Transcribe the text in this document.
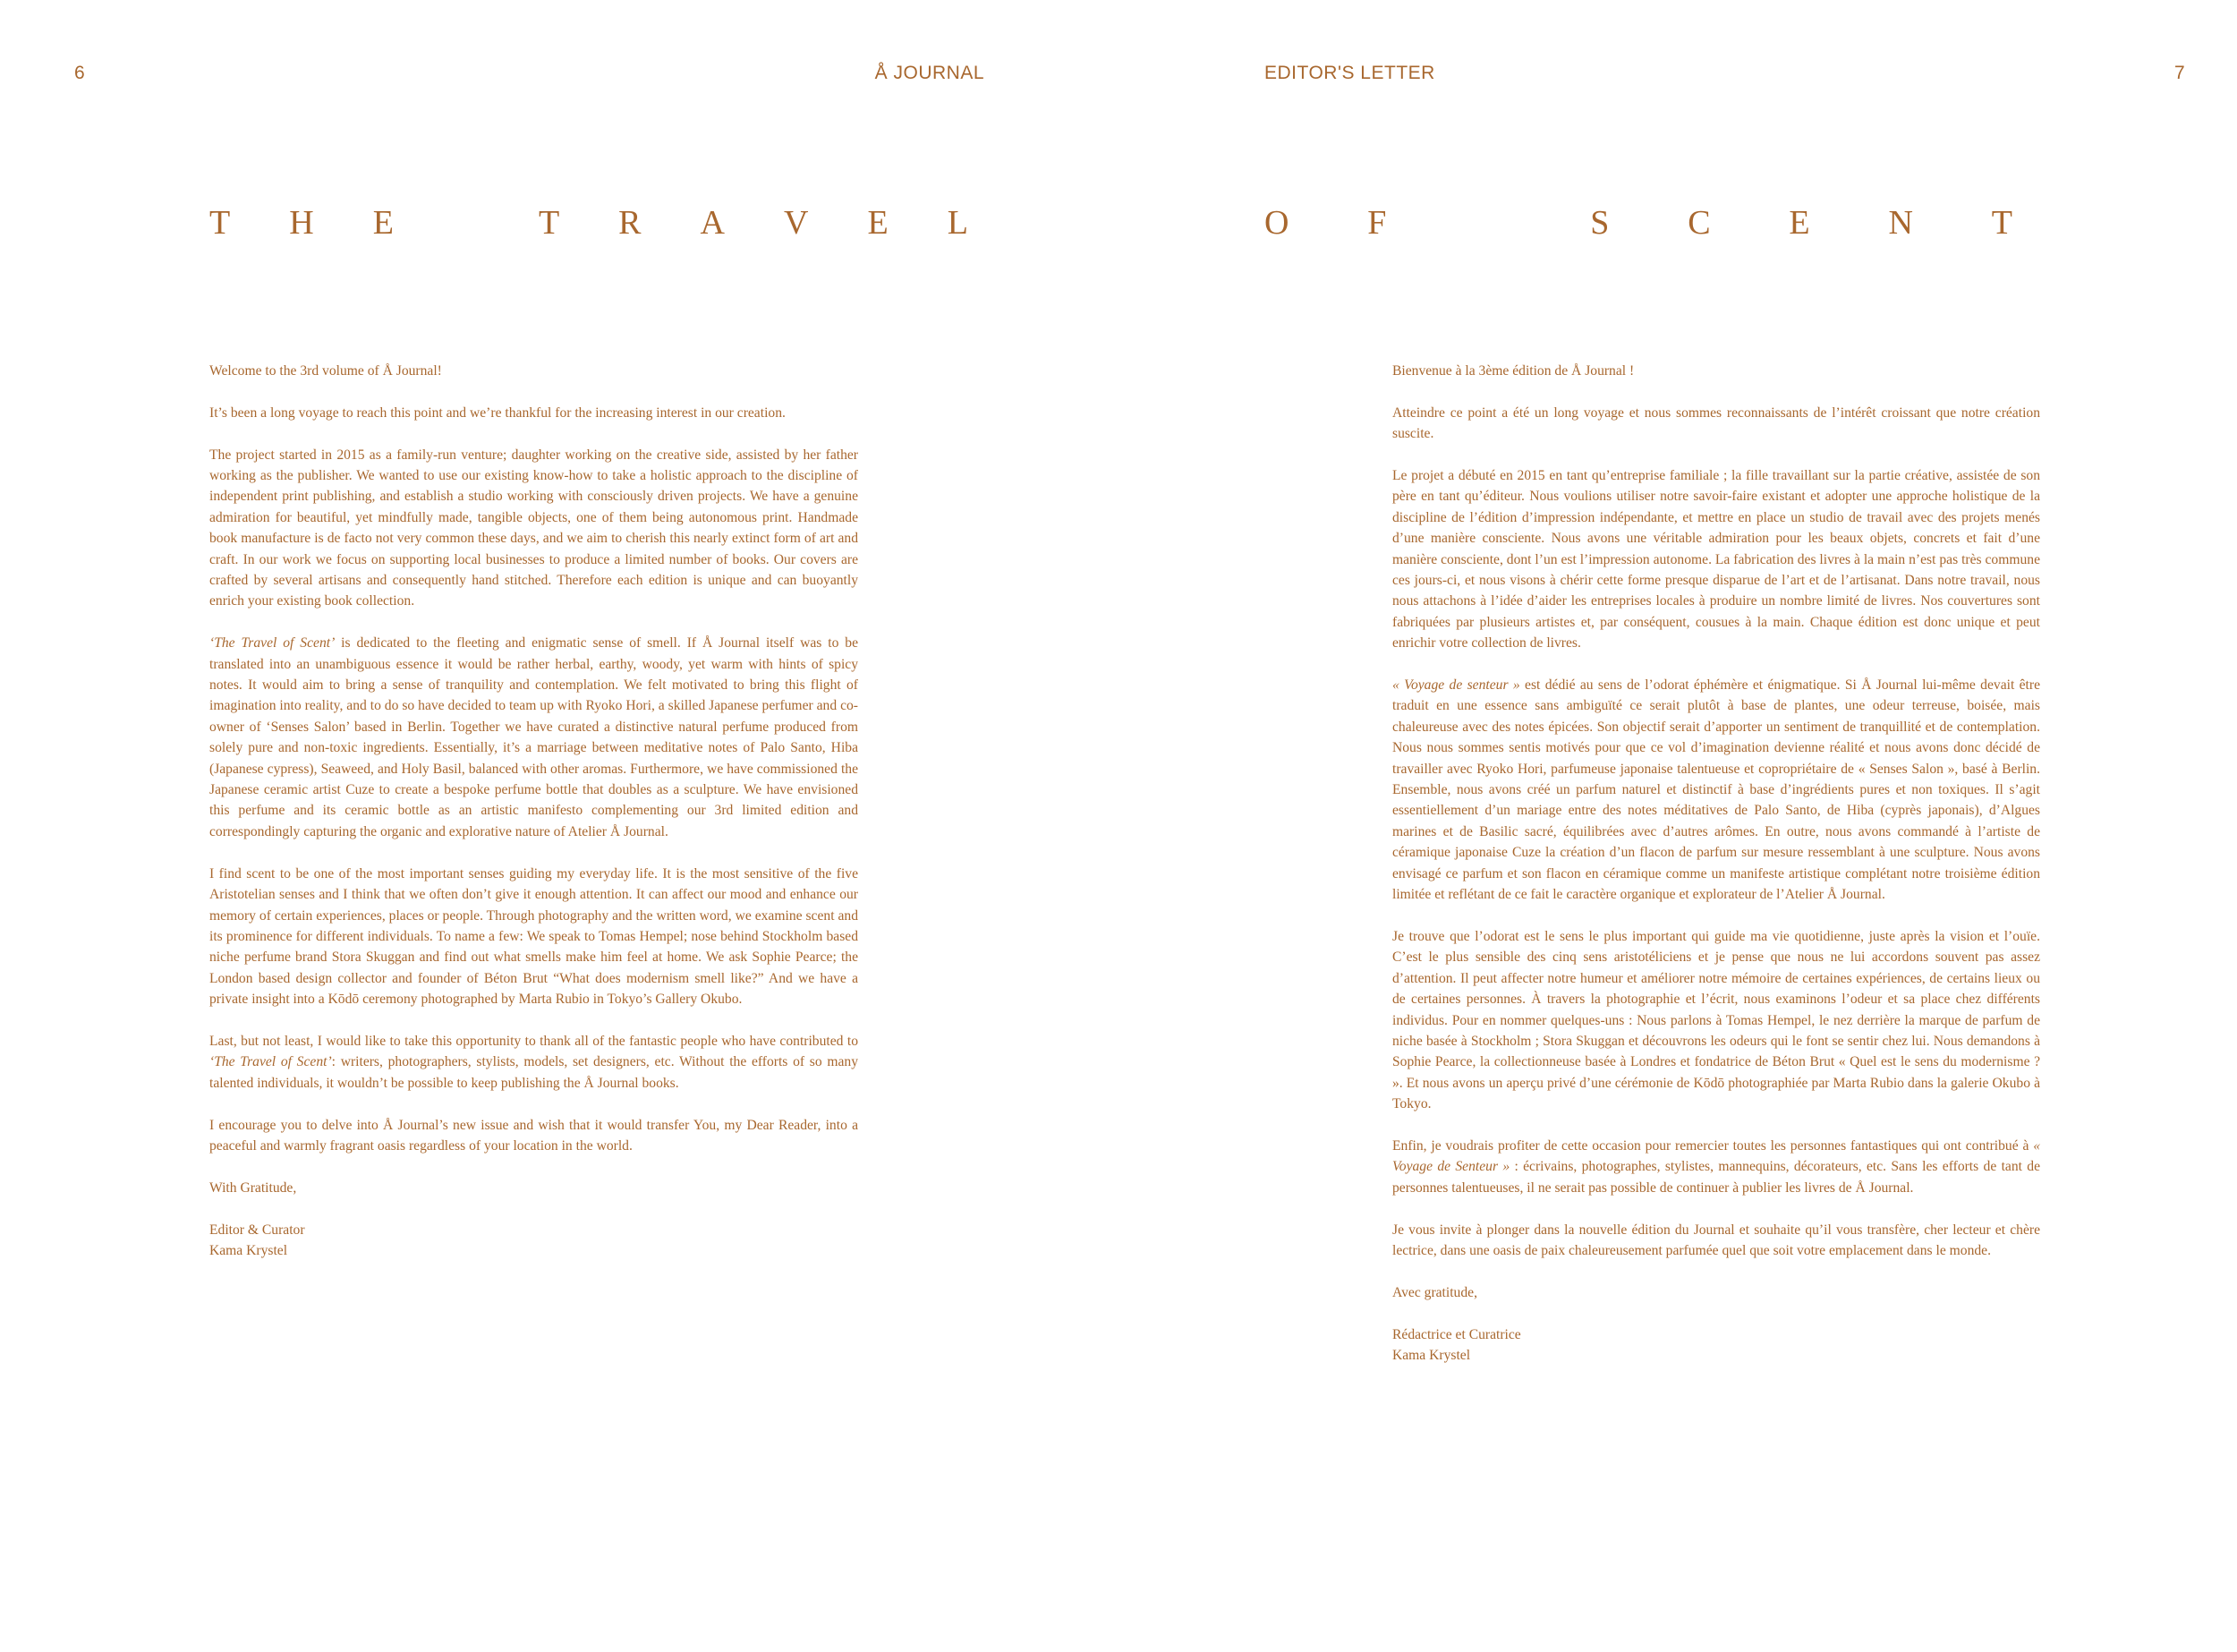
6	Å JOURNAL
T H E	T R A V E L

Welcome to the 3rd volume of Å Journal!

It’s been a long voyage to reach this point and we’re thankful for the increasing interest in our creation.

The project started in 2015 as a family-run venture; daughter working on the creative side, assisted by her father working as the publisher. We wanted to use our existing know-how to take a holistic approach to the discipline of independent print publishing, and establish a studio working with consciously driven projects. We have a genuine admiration for beautiful, yet mindfully made, tangible objects, one of them being autonomous print. Handmade book manufacture is de facto not very common these days, and we aim to cherish this nearly extinct form of art and craft. In our work we focus on supporting local businesses to produce a limited number of books. Our covers are crafted by several artisans and consequently hand stitched. Therefore each edition is unique and can buoyantly enrich your existing book collection.

‘The Travel of Scent’ is dedicated to the fleeting and enigmatic sense of smell. If Å Journal itself was to be translated into an unambiguous essence it would be rather herbal, earthy, woody, yet warm with hints of spicy notes. It would aim to bring a sense of tranquility and contemplation. We felt motivated to bring this flight of imagination into reality, and to do so have decided to team up with Ryoko Hori, a skilled Japanese perfumer and co-owner of ‘Senses Salon’ based in Berlin. Together we have curated a distinctive natural perfume produced from solely pure and non-toxic ingredients. Essentially, it’s a marriage between meditative notes of Palo Santo, Hiba (Japanese cypress), Seaweed, and Holy Basil, balanced with other aromas. Furthermore, we have commissioned the Japanese ceramic artist Cuze to create a bespoke perfume bottle that doubles as a sculpture. We have envisioned this perfume and its ceramic bottle as an artistic manifesto complementing our 3rd limited edition and correspondingly capturing the organic and explorative nature of Atelier Å Journal.

I find scent to be one of the most important senses guiding my everyday life. It is the most sensitive of the five Aristotelian senses and I think that we often don’t give it enough attention. It can affect our mood and enhance our memory of certain experiences, places or people. Through photography and the written word, we examine scent and its prominence for different individuals. To name a few: We speak to Tomas Hempel; nose behind Stockholm based niche perfume brand Stora Skuggan and find out what smells make him feel at home. We ask Sophie Pearce; the London based design collector and founder of Béton Brut “What does modernism smell like?” And we have a private insight into a Kōdō ceremony photographed by Marta Rubio in Tokyo’s Gallery Okubo.

Last, but not least, I would like to take this opportunity to thank all of the fantastic people who have contributed to ‘The Travel of Scent’: writers, photographers, stylists, models, set designers, etc. Without the efforts of so many talented individuals, it wouldn’t be possible to keep publishing the Å Journal books.

I encourage you to delve into Å Journal’s new issue and wish that it would transfer You, my Dear Reader, into a peaceful and warmly fragrant oasis regardless of your location in the world.

With Gratitude,

Editor & Curator

Kama Krystel

EDITOR'S LETTER	7
O F	S C E N T

Bienvenue à la 3ème édition de Å Journal !

Atteindre ce point a été un long voyage et nous sommes reconnaissants de l’intérêt croissant que notre création suscite.

Le projet a débuté en 2015 en tant qu’entreprise familiale ; la fille travaillant sur la partie créative, assistée de son père en tant qu’éditeur. Nous voulions utiliser notre savoir-faire existant et adopter une approche holistique de la discipline de l’édition d’impression indépendante, et mettre en place un studio de travail avec des projets menés d’une manière consciente. Nous avons une véritable admiration pour les beaux objets, concrets et fait d’une manière consciente, dont l’un est l’impression autonome. La fabrication des livres à la main n’est pas très commune ces jours-ci, et nous visons à chérir cette forme presque disparue de l’art et de l’artisanat. Dans notre travail, nous nous attachons à l’idée d’aider les entreprises locales à produire un nombre limité de livres. Nos couvertures sont fabriquées par plusieurs artistes et, par conséquent, cousues à la main. Chaque édition est donc unique et peut enrichir votre collection de livres.

« Voyage de senteur » est dédié au sens de l’odorat éphémère et énigmatique. Si Å Journal lui-même devait être traduit en une essence sans ambiguïté ce serait plutôt à base de plantes, une odeur terreuse, boisée, mais chaleureuse avec des notes épicées. Son objectif serait d’apporter un sentiment de tranquillité et de contemplation. Nous nous sommes sentis motivés pour que ce vol d’imagination devienne réalité et nous avons donc décidé de travailler avec Ryoko Hori, parfumeuse japonaise talentueuse et copropriétaire de « Senses Salon », basé à Berlin. Ensemble, nous avons créé un parfum naturel et distinctif à base d’ingrédients pures et non toxiques. Il s’agit essentiellement d’un mariage entre des notes méditatives de Palo Santo, de Hiba (cyprès japonais), d’Algues marines et de Basilic sacré, équilibrées avec d’autres arômes. En outre, nous avons commandé à l’artiste de céramique japonaise Cuze la création d’un flacon de parfum sur mesure ressemblant à une sculpture. Nous avons envisagé ce parfum et son flacon en céramique comme un manifeste artistique complétant notre troisième édition limitée et reflétant de ce fait le caractère organique et explorateur de l’Atelier Å Journal.

Je trouve que l’odorat est le sens le plus important qui guide ma vie quotidienne, juste après la vision et l’ouïe. C’est le plus sensible des cinq sens aristotéliciens et je pense que nous ne lui accordons souvent pas assez d’attention. Il peut affecter notre humeur et améliorer notre mémoire de certaines expériences, de certains lieux ou de certaines personnes. À travers la photographie et l’écrit, nous examinons l’odeur et sa place chez différents individus. Pour en nommer quelques-uns : Nous parlons à Tomas Hempel, le nez derrière la marque de parfum de niche basée à Stockholm ; Stora Skuggan et découvrons les odeurs qui le font se sentir chez lui. Nous demandons à Sophie Pearce, la collectionneuse basée à Londres et fondatrice de Béton Brut « Quel est le sens du modernisme ? ». Et nous avons un aperçu privé d’une cérémonie de Kōdō photographiée par Marta Rubio dans la galerie Okubo à Tokyo.

Enfin, je voudrais profiter de cette occasion pour remercier toutes les personnes fantastiques qui ont contribué à « Voyage de Senteur » : écrivains, photographes, stylistes, mannequins, décorateurs, etc. Sans les efforts de tant de personnes talentueuses, il ne serait pas possible de continuer à publier les livres de Å Journal.

Je vous invite à plonger dans la nouvelle édition du Journal et souhaite qu’il vous transfère, cher lecteur et chère lectrice, dans une oasis de paix chaleureusement parfumée quel que soit votre emplacement dans le monde.

Avec gratitude,

Rédactrice et Curatrice

Kama Krystel
